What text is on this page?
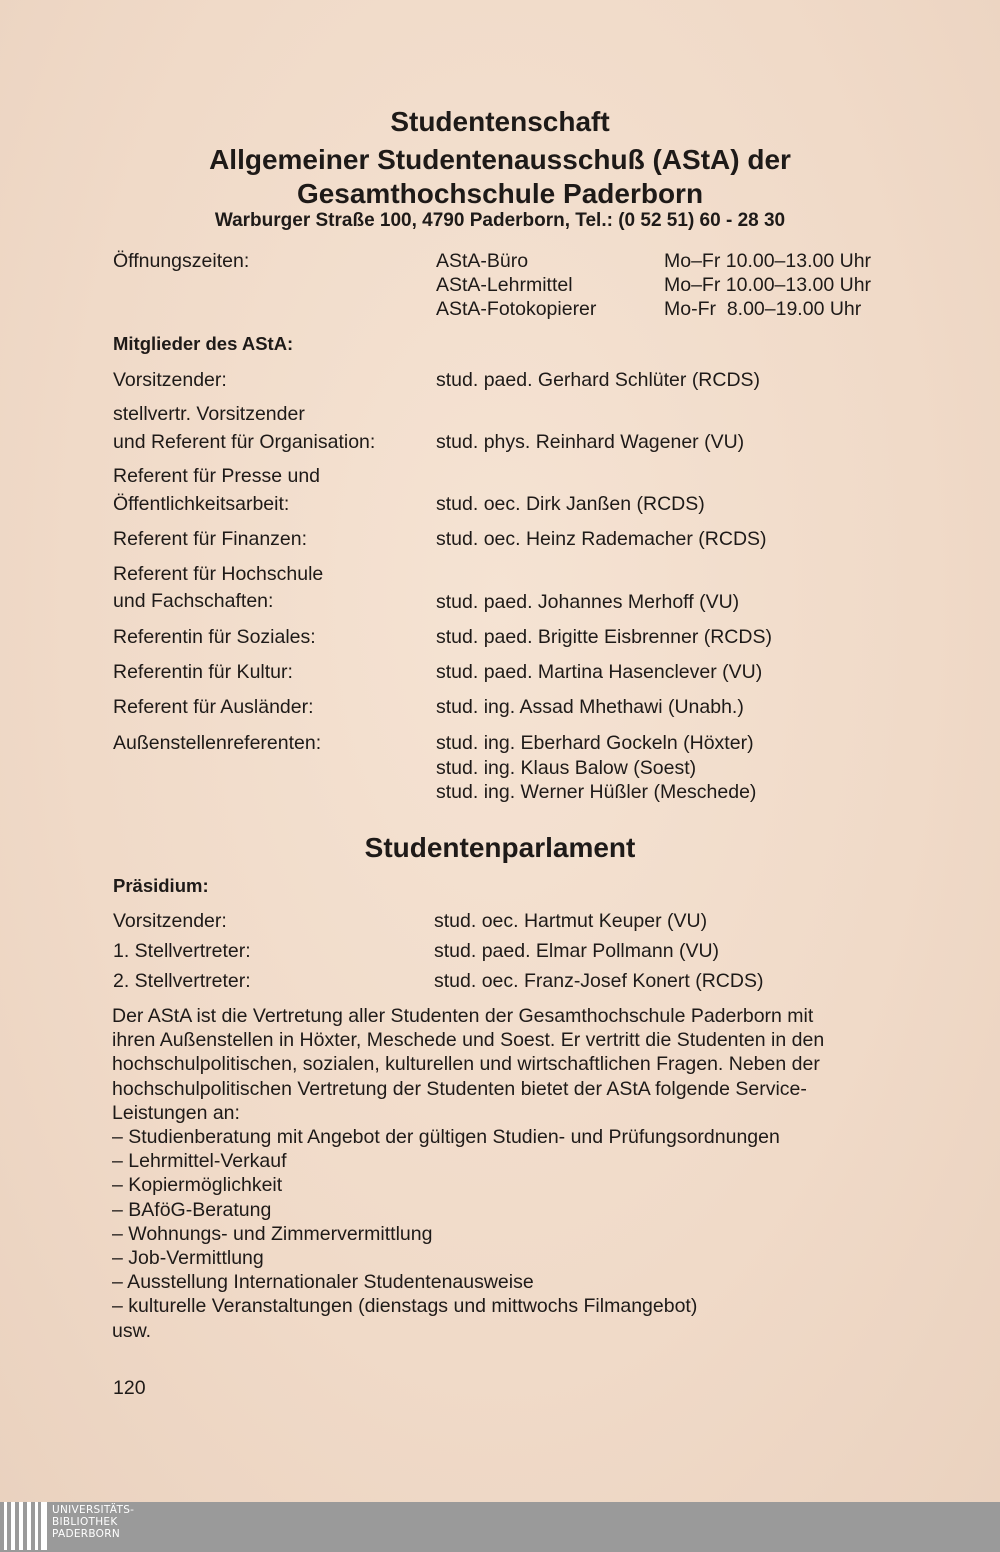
Studentenschaft
Allgemeiner Studentenausschuß (AStA) der
Gesamthochschule Paderborn
Warburger Straße 100, 4790 Paderborn, Tel.: (0 52 51) 60 - 28 30
Öffnungszeiten:	AStA-Büro	Mo–Fr 10.00–13.00 Uhr
AStA-Lehrmittel	Mo–Fr 10.00–13.00 Uhr
AStA-Fotokopierer	Mo-Fr  8.00–19.00 Uhr
Mitglieder des AStA:
Vorsitzender:	stud. paed. Gerhard Schlüter (RCDS)
stellvertr. Vorsitzender
und Referent für Organisation:	stud. phys. Reinhard Wagener (VU)
Referent für Presse und
Öffentlichkeitsarbeit:	stud. oec. Dirk Janßen (RCDS)
Referent für Finanzen:	stud. oec. Heinz Rademacher (RCDS)
Referent für Hochschule
und Fachschaften:	stud. paed. Johannes Merhoff (VU)
Referentin für Soziales:	stud. paed. Brigitte Eisbrenner (RCDS)
Referentin für Kultur:	stud. paed. Martina Hasenclever (VU)
Referent für Ausländer:	stud. ing. Assad Mhethawi (Unabh.)
Außenstellenreferenten:	stud. ing. Eberhard Gockeln (Höxter)
stud. ing. Klaus Balow (Soest)
stud. ing. Werner Hüßler (Meschede)
Studentenparlament
Präsidium:
Vorsitzender:	stud. oec. Hartmut Keuper (VU)
1. Stellvertreter:	stud. paed. Elmar Pollmann (VU)
2. Stellvertreter:	stud. oec. Franz-Josef Konert (RCDS)

Der AStA ist die Vertretung aller Studenten der Gesamthochschule Paderborn mit

ihren Außenstellen in Höxter, Meschede und Soest. Er vertritt die Studenten in den

hochschulpolitischen, sozialen, kulturellen und wirtschaftlichen Fragen. Neben der

hochschulpolitischen Vertretung der Studenten bietet der AStA folgende Service-

Leistungen an:

– Studienberatung mit Angebot der gültigen Studien- und Prüfungsordnungen

– Lehrmittel-Verkauf

– Kopiermöglichkeit

– BAföG-Beratung

– Wohnungs- und Zimmervermittlung

– Job-Vermittlung

– Ausstellung Internationaler Studentenausweise

– kulturelle Veranstaltungen (dienstags und mittwochs Filmangebot)

usw.

120
UNIVERSITÄTS-
BIBLIOTHEK
PADERBORN
